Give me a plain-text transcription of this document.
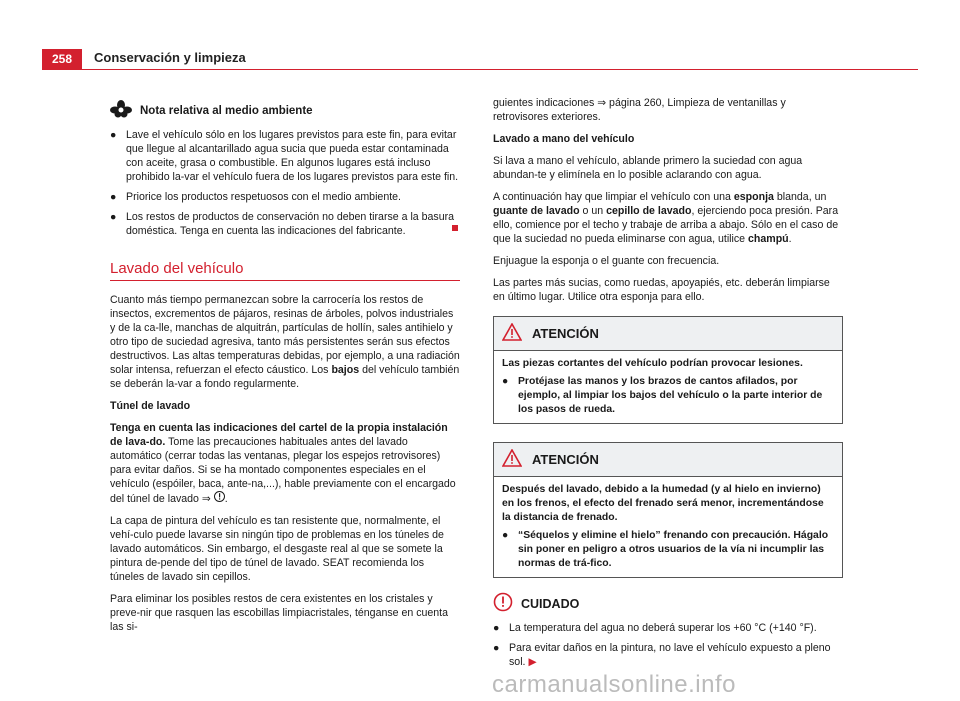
258	Conservación y limpieza
Nota relativa al medio ambiente
● Lave el vehículo sólo en los lugares previstos para este fin, para evitar que llegue al alcantarillado agua sucia que pueda estar contaminada con aceite, grasa o combustible. En algunos lugares está incluso prohibido la-var el vehículo fuera de los lugares previstos para este fin.
● Priorice los productos respetuosos con el medio ambiente.
● Los restos de productos de conservación no deben tirarse a la basura doméstica. Tenga en cuenta las indicaciones del fabricante.
Lavado del vehículo

Cuanto más tiempo permanezcan sobre la carrocería los restos de insectos, excrementos de pájaros, resinas de árboles, polvos industriales y de la ca-lle, manchas de alquitrán, partículas de hollín, sales antihielo y otro tipo de suciedad agresiva, tanto más persistentes serán sus efectos destructivos. Las altas temperaturas debidas, por ejemplo, a una radiación solar intensa, refuerzan el efecto cáustico. Los bajos del vehículo también se deberán la-var a fondo regularmente.

Túnel de lavado

Tenga en cuenta las indicaciones del cartel de la propia instalación de lava-do. Tome las precauciones habituales antes del lavado automático (cerrar todas las ventanas, plegar los espejos retrovisores) para evitar daños. Si se ha montado componentes especiales en el vehículo (espóiler, baca, ante-na,...), hable previamente con el encargado del túnel de lavado ⇒ .

La capa de pintura del vehículo es tan resistente que, normalmente, el vehí-culo puede lavarse sin ningún tipo de problemas en los túneles de lavado automáticos. Sin embargo, el desgaste real al que se somete la pintura de-pende del tipo de túnel de lavado. SEAT recomienda los túneles de lavado sin cepillos.

Para eliminar los posibles restos de cera existentes en los cristales y preve-nir que rasquen las escobillas limpiacristales, ténganse en cuenta las si-

guientes indicaciones ⇒ página 260, Limpieza de ventanillas y retrovisores exteriores.

Lavado a mano del vehículo

Si lava a mano el vehículo, ablande primero la suciedad con agua abundan-te y elimínela en lo posible aclarando con agua.

A continuación hay que limpiar el vehículo con una esponja blanda, un guante de lavado o un cepillo de lavado, ejerciendo poca presión. Para ello, comience por el techo y trabaje de arriba a abajo. Sólo en el caso de que la suciedad no pueda eliminarse con agua, utilice champú.

Enjuague la esponja o el guante con frecuencia.

Las partes más sucias, como ruedas, apoyapiés, etc. deberán limpiarse en último lugar. Utilice otra esponja para ello.

ATENCIÓN

Las piezas cortantes del vehículo podrían provocar lesiones.

● Protéjase las manos y los brazos de cantos afilados, por ejemplo, al limpiar los bajos del vehículo o la parte interior de los pasos de rueda.
ATENCIÓN

Después del lavado, debido a la humedad (y al hielo en invierno) en los frenos, el efecto del frenado será menor, incrementándose la distancia de frenado.

● “Séquelos y elimine el hielo” frenando con precaución. Hágalo sin poner en peligro a otros usuarios de la vía ni incumplir las normas de trá-fico.
CUIDADO
● La temperatura del agua no deberá superar los +60 °C (+140 °F).
● Para evitar daños en la pintura, no lave el vehículo expuesto a pleno sol. ▶
carmanualsonline.info
